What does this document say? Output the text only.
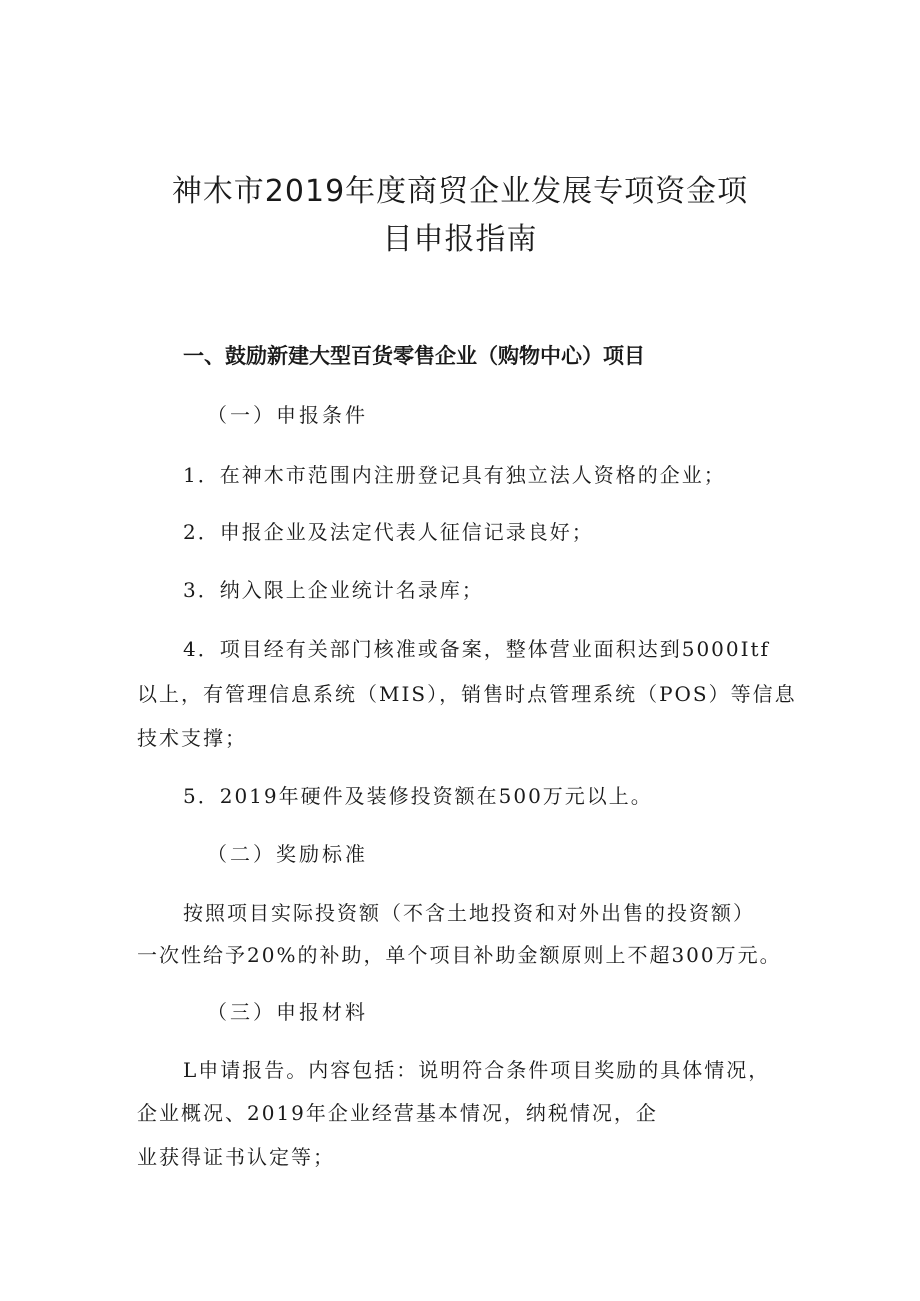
神木市2019年度商贸企业发展专项资金项
目申报指南
一、鼓励新建大型百货零售企业（购物中心）项目
（一）申报条件
1．在神木市范围内注册登记具有独立法人资格的企业；
2．申报企业及法定代表人征信记录良好；
3．纳入限上企业统计名录库；
4．项目经有关部门核准或备案，整体营业面积达到5000Itf
以上，有管理信息系统（MIS），销售时点管理系统（POS）等信息
技术支撑；
5．2019年硬件及装修投资额在500万元以上。
（二）奖励标准
按照项目实际投资额（不含土地投资和对外出售的投资额）
一次性给予20%的补助，单个项目补助金额原则上不超300万元。
（三）申报材料
L申请报告。内容包括：说明符合条件项目奖励的具体情况，
企业概况、2019年企业经营基本情况，纳税情况，企
业获得证书认定等；
